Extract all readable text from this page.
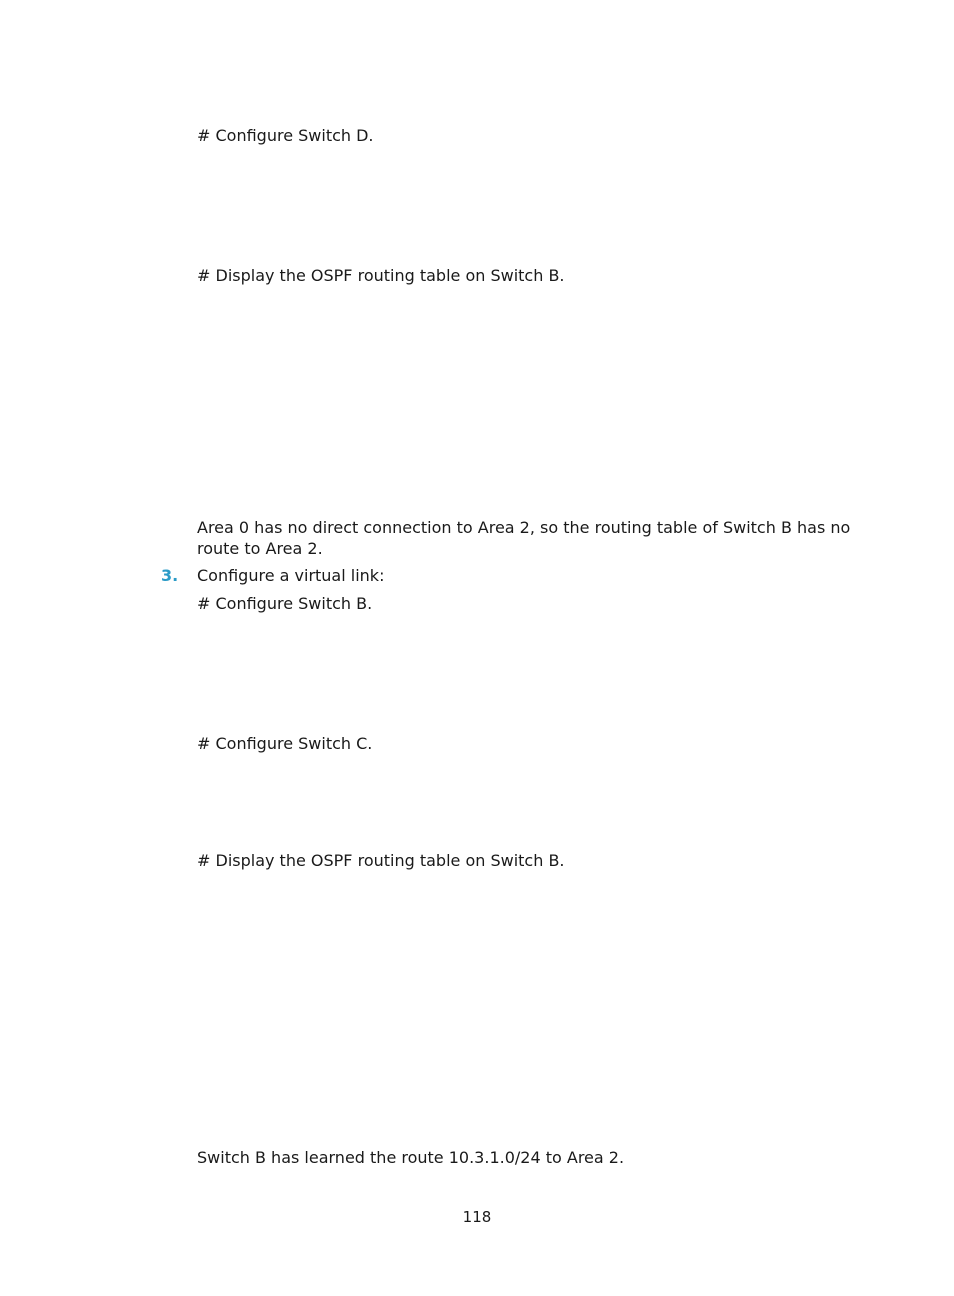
# Configure Switch D.
# Display the OSPF routing table on Switch B.
Area 0 has no direct connection to Area 2, so the routing table of Switch B has no route to Area 2.
3. Configure a virtual link:
# Configure Switch B.
# Configure Switch C.
# Display the OSPF routing table on Switch B.
Switch B has learned the route 10.3.1.0/24 to Area 2.
118
